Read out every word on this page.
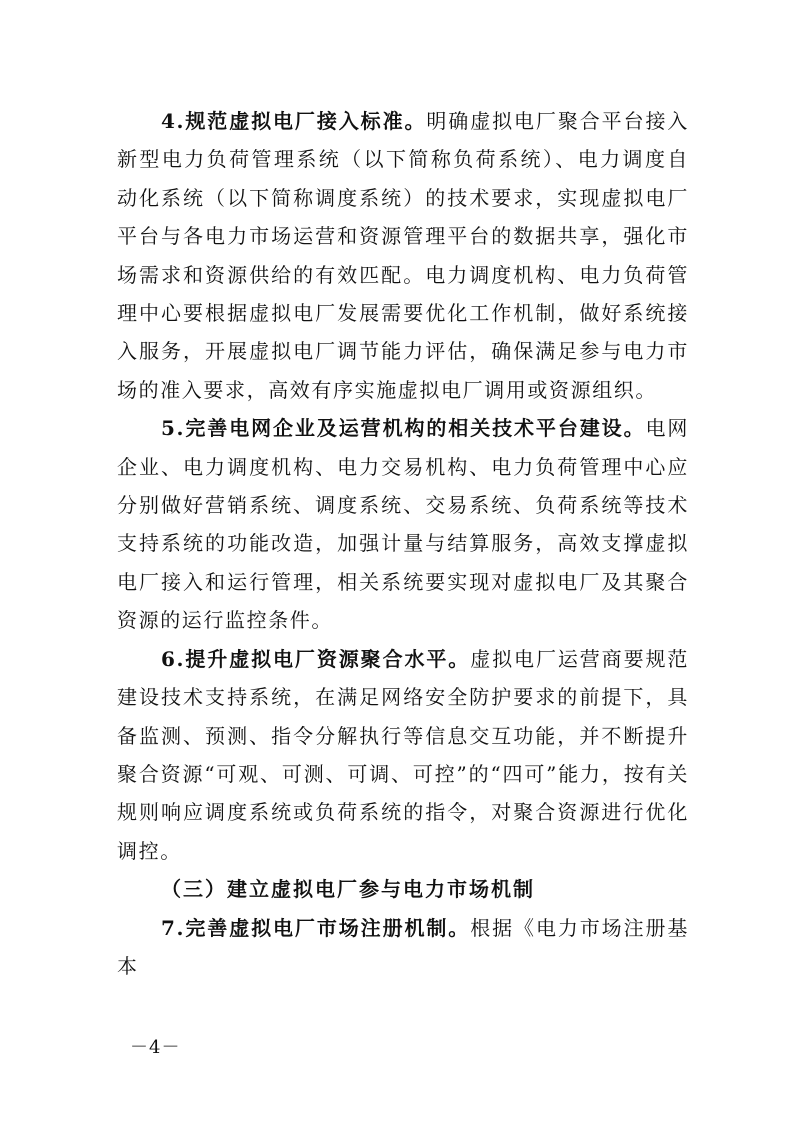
4.规范虚拟电厂接入标准。明确虚拟电厂聚合平台接入新型电力负荷管理系统（以下简称负荷系统）、电力调度自动化系统（以下简称调度系统）的技术要求，实现虚拟电厂平台与各电力市场运营和资源管理平台的数据共享，强化市场需求和资源供给的有效匹配。电力调度机构、电力负荷管理中心要根据虚拟电厂发展需要优化工作机制，做好系统接入服务，开展虚拟电厂调节能力评估，确保满足参与电力市场的准入要求，高效有序实施虚拟电厂调用或资源组织。

5.完善电网企业及运营机构的相关技术平台建设。电网企业、电力调度机构、电力交易机构、电力负荷管理中心应分别做好营销系统、调度系统、交易系统、负荷系统等技术支持系统的功能改造，加强计量与结算服务，高效支撑虚拟电厂接入和运行管理，相关系统要实现对虚拟电厂及其聚合资源的运行监控条件。

6.提升虚拟电厂资源聚合水平。虚拟电厂运营商要规范建设技术支持系统，在满足网络安全防护要求的前提下，具备监测、预测、指令分解执行等信息交互功能，并不断提升聚合资源“可观、可测、可调、可控”的“四可”能力，按有关规则响应调度系统或负荷系统的指令，对聚合资源进行优化调控。

（三）建立虚拟电厂参与电力市场机制

7.完善虚拟电厂市场注册机制。根据《电力市场注册基本

－4－
